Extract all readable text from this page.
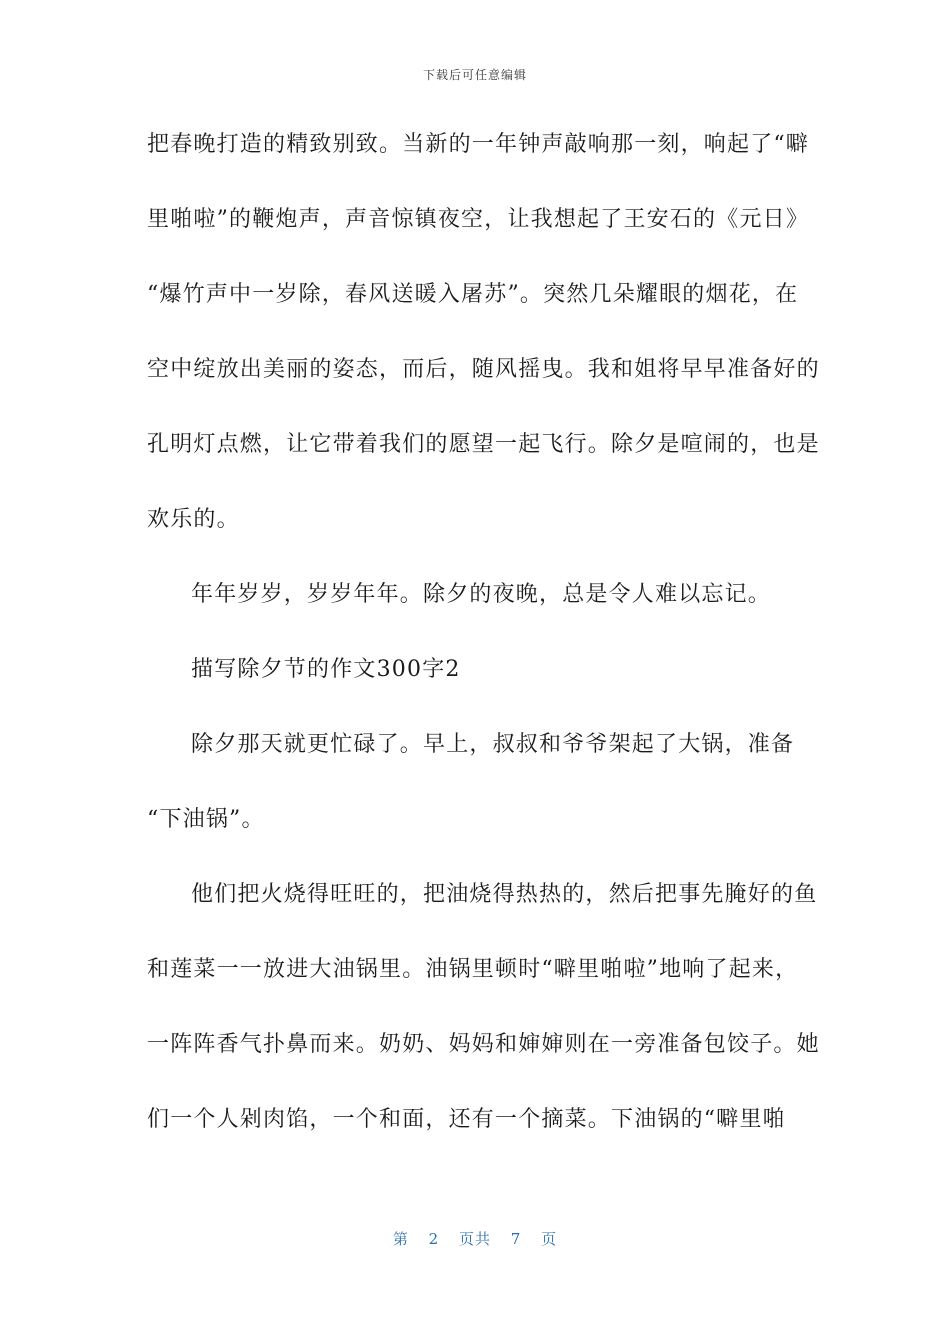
下载后可任意编辑
把春晚打造的精致别致。当新的一年钟声敲响那一刻，响起了“噼
里啪啦”的鞭炮声，声音惊镇夜空，让我想起了王安石的《元日》
“爆竹声中一岁除，春风送暖入屠苏”。突然几朵耀眼的烟花，在
空中绽放出美丽的姿态，而后，随风摇曳。我和姐将早早准备好的
孔明灯点燃，让它带着我们的愿望一起飞行。除夕是喧闹的，也是
欢乐的。
年年岁岁，岁岁年年。除夕的夜晚，总是令人难以忘记。
描写除夕节的作文300字2
除夕那天就更忙碌了。早上，叔叔和爷爷架起了大锅，准备
“下油锅”。
他们把火烧得旺旺的，把油烧得热热的，然后把事先腌好的鱼
和莲菜一一放进大油锅里。油锅里顿时“噼里啪啦”地响了起来，
一阵阵香气扑鼻而来。奶奶、妈妈和婶婶则在一旁准备包饺子。她
们一个人剁肉馅，一个和面，还有一个摘菜。下油锅的“噼里啪
第 2 页共 7 页
